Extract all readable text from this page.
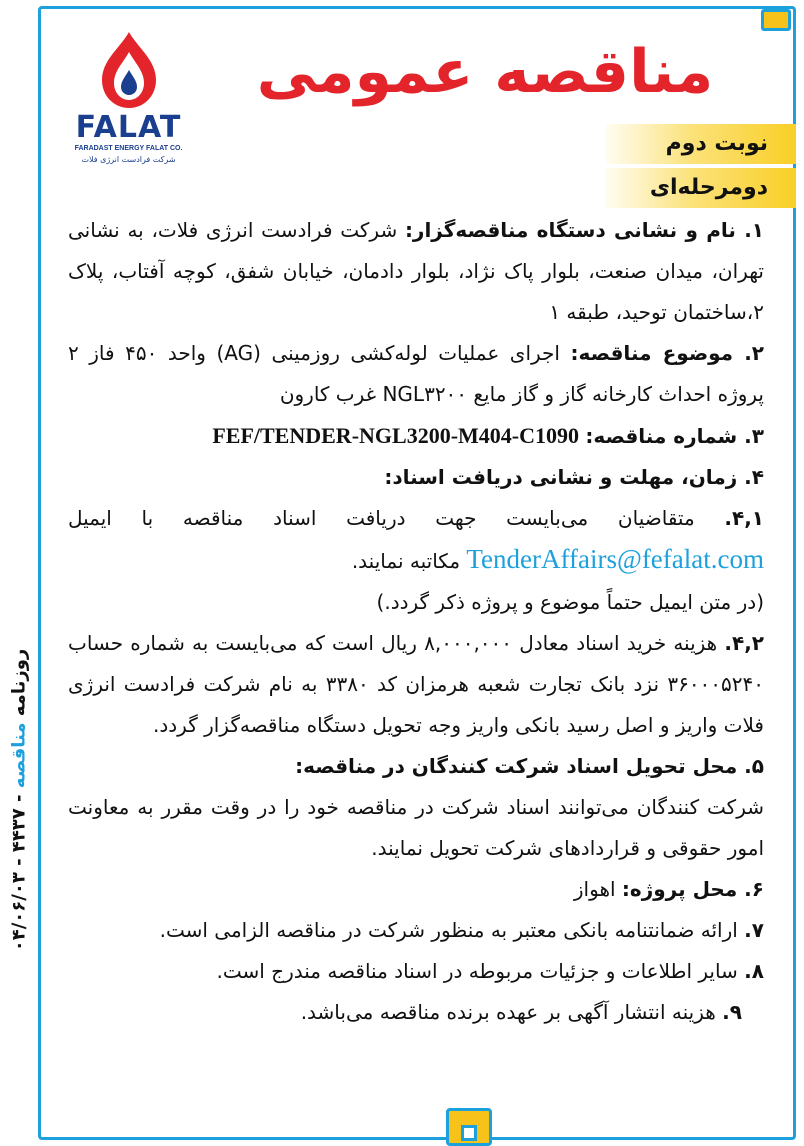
FALAT
FARADAST ENERGY FALAT CO.
شرکت فرادست انرژی فلات
مناقصه عمومی
نوبت دوم
دومرحله‌ای

۱. نام و نشانی دستگاه مناقصه‌گزار: شرکت فرادست انرژی فلات، به نشانی تهران، میدان صنعت، بلوار پاک نژاد، بلوار دادمان، خیابان شفق، کوچه آفتاب، پلاک ۲،ساختمان توحید، طبقه ۱

۲. موضوع مناقصه: اجرای عملیات لوله‌کشی روزمینی (AG) واحد ۴۵۰ فاز ۲ پروژه احداث کارخانه گاز و گاز مایع NGL۳۲۰۰ غرب کارون

۳. شماره مناقصه: FEF/TENDER-NGL3200-M404-C1090

۴. زمان، مهلت و نشانی دریافت اسناد:

۴,۱. متقاضیان می‌بایست جهت دریافت اسناد مناقصه با ایمیل TenderAffairs@fefalat.com مکاتبه نمایند.

(در متن ایمیل حتماً موضوع و پروژه ذکر گردد.)

۴,۲. هزینه خرید اسناد معادل ۸,۰۰۰,۰۰۰ ریال است که می‌بایست به شماره حساب ۳۶۰۰۰۵۲۴۰ نزد بانک تجارت شعبه هرمزان کد ۳۳۸۰ به نام شرکت فرادست انرژی فلات واریز و اصل رسید بانکی واریز وجه تحویل دستگاه مناقصه‌گزار گردد.

۵. محل تحویل اسناد شرکت کنندگان در مناقصه:

شرکت کنندگان می‌توانند اسناد شرکت در مناقصه خود را در وقت مقرر به معاونت امور حقوقی و قراردادهای شرکت تحویل نمایند.

۶. محل پروژه: اهواز

۷. ارائه ضمانتنامه بانکی معتبر به منظور شرکت در مناقصه الزامی است.

۸. سایر اطلاعات و جزئیات مربوطه در اسناد مناقصه مندرج است.

۹. هزینه انتشار آگهی بر عهده برنده مناقصه می‌باشد.

روزنامه مناقصه - ۴۴۳۷ - ۰۴/۰۶/۰۳
